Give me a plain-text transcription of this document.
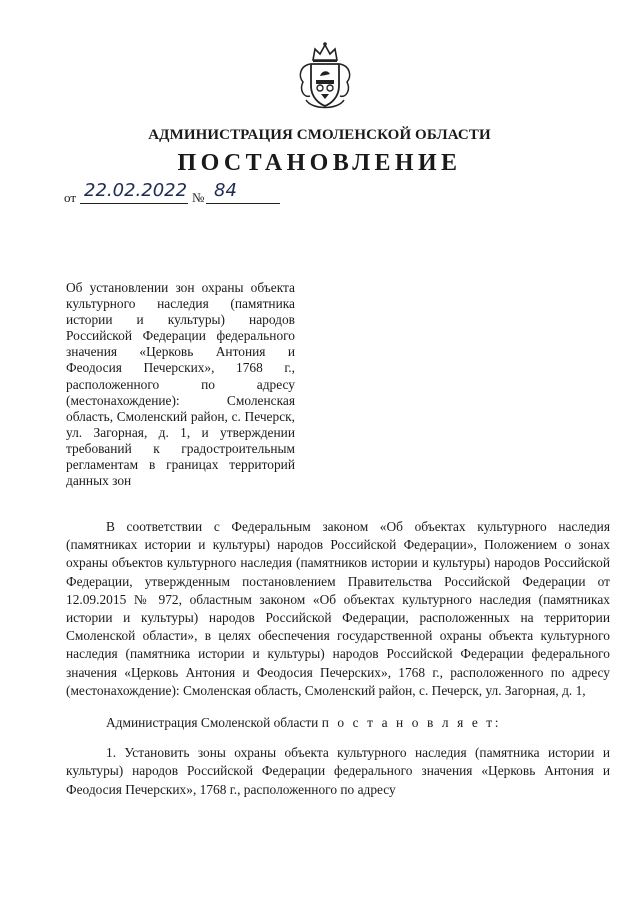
АДМИНИСТРАЦИЯ СМОЛЕНСКОЙ ОБЛАСТИ
ПОСТАНОВЛЕНИЕ
от 22.02.2022 № 84
Об установлении зон охраны объекта культурного наследия (памятника истории и культуры) народов Российской Федерации федерального значения «Церковь Антония и Феодосия Печерских», 1768 г., расположенного по адресу (местонахождение): Смоленская область, Смоленский район, с. Печерск, ул. Загорная, д. 1, и утверждении требований к градостроительным регламентам в границах территорий данных зон

В соответствии с Федеральным законом «Об объектах культурного наследия (памятниках истории и культуры) народов Российской Федерации», Положением о зонах охраны объектов культурного наследия (памятников истории и культуры) народов Российской Федерации, утвержденным постановлением Правительства Российской Федерации от 12.09.2015 № 972, областным законом «Об объектах культурного наследия (памятниках истории и культуры) народов Российской Федерации, расположенных на территории Смоленской области», в целях обеспечения государственной охраны объекта культурного наследия (памятника истории и культуры) народов Российской Федерации федерального значения «Церковь Антония и Феодосия Печерских», 1768 г., расположенного по адресу (местонахождение): Смоленская область, Смоленский район, с. Печерск, ул. Загорная, д. 1,

Администрация Смоленской области п о с т а н о в л я е т:

1. Установить зоны охраны объекта культурного наследия (памятника истории и культуры) народов Российской Федерации федерального значения «Церковь Антония и Феодосия Печерских», 1768 г., расположенного по адресу
